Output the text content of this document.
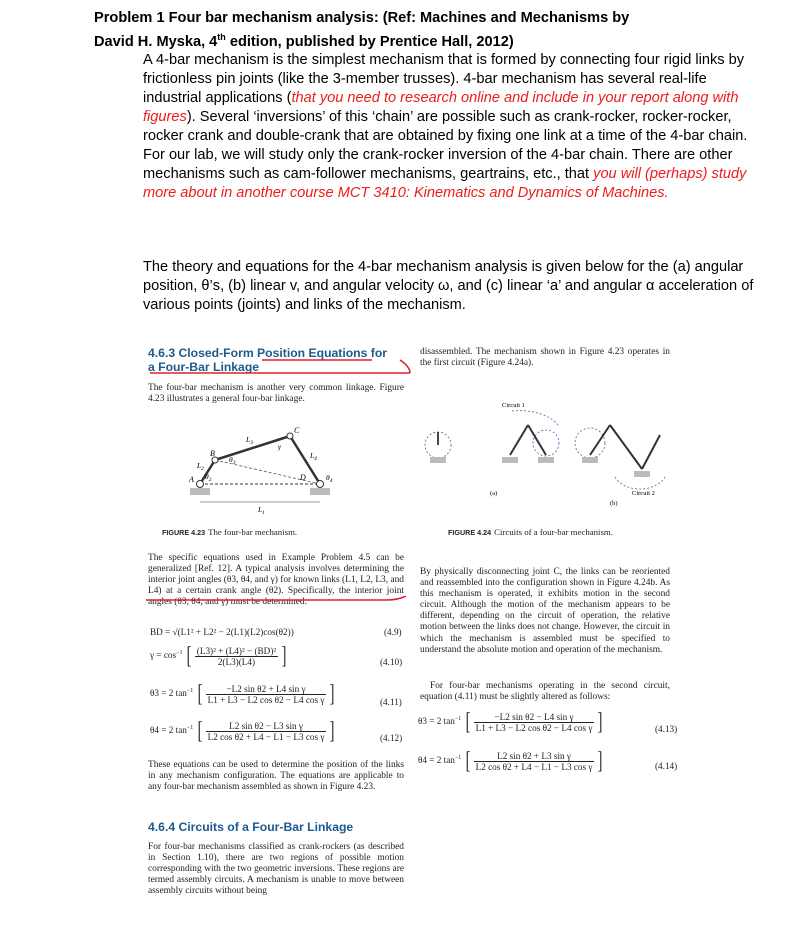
Problem 1 Four bar mechanism analysis: (Ref: Machines and Mechanisms by
David H. Myska, 4th edition, published by Prentice Hall, 2012)

A 4-bar mechanism is the simplest mechanism that is formed by connecting four rigid links by frictionless pin joints (like the 3-member trusses). 4-bar mechanism has several real-life industrial applications (that you need to research online and include in your report along with figures). Several ‘inversions’ of this ‘chain’ are possible such as crank-rocker, rocker-rocker, rocker crank and double-crank that are obtained by fixing one link at a time of the 4-bar chain. For our lab, we will study only the crank-rocker inversion of the 4-bar chain. There are other mechanisms such as cam-follower mechanisms, geartrains, etc., that you will (perhaps) study more about in another course MCT 3410: Kinematics and Dynamics of Machines.

The theory and equations for the 4-bar mechanism analysis is given below for the (a) angular position, θ’s, (b) linear v, and angular velocity ω, and (c) linear ‘a’ and angular α acceleration of various points (joints) and links of the mechanism.
4.6.3 Closed-Form Position Equations for a Four-Bar Linkage
The four-bar mechanism is another very common linkage. Figure 4.23 illustrates a general four-bar linkage.
disassembled. The mechanism shown in Figure 4.23 operates in the first circuit (Figure 4.24a).
B
C
D
A
$L_2$
$L_3$
$L_4$
$L_1$
γ
$\theta_3$
$\theta_2$	$\theta_4$
FIGURE 4.23 The four-bar mechanism.
Circuit 1
(a)
(b)
Circuit 2
FIGURE 4.24 Circuits of a four-bar mechanism.
The specific equations used in Example Problem 4.5 can be generalized [Ref. 12]. A typical analysis involves determining the interior joint angles (θ3, θ4, and γ) for known links (L1, L2, L3, and L4) at a certain crank angle (θ2). Specifically, the interior joint angles (θ3, θ4, and γ) must be determined.
BD = √(L1² + L2² − 2(L1)(L2)cos(θ2))	(4.9)
$\gamma = \cos^{-1}$ [ $\frac{\text{(L3)² + (L4)² − (BD)²}}{2(L3)(L4)}$ ]	(4.10)
θ3 = 2 $\tan^{-1}$ [ $\frac{\text{−L2 sin θ2 + L4 sin γ}}{\text{L1 + L3 − L2 cos θ2 − L4 cos γ}}$ ]	(4.11)
θ4 = 2 $\tan^{-1}$ [ $\frac{\text{L2 sin θ2 − L3 sin γ}}{\text{L2 cos θ2 + L4 − L1 − L3 cos γ}}$ ]	(4.12)
These equations can be used to determine the position of the links in any mechanism configuration. The equations are applicable to any four-bar mechanism assembled as shown in Figure 4.23.
4.6.4 Circuits of a Four-Bar Linkage
For four-bar mechanisms classified as crank-rockers (as described in Section 1.10), there are two regions of possible motion corresponding with the two geometric inversions. These regions are termed assembly circuits. A mechanism is unable to move between assembly circuits without being
By physically disconnecting joint C, the links can be reoriented and reassembled into the configuration shown in Figure 4.24b. As this mechanism is operated, it exhibits motion in the second circuit. Although the motion of the mechanism appears to be different, depending on the circuit of operation, the relative motion between the links does not change. However, the circuit in which the mechanism is assembled must be specified to understand the absolute motion and operation of the mechanism.
For four-bar mechanisms operating in the second circuit, equation (4.11) must be slightly altered as follows:
θ3 = 2 $\tan^{-1}$ [ $\frac{\text{−L2 sin θ2 − L4 sin γ}}{\text{L1 + L3 − L2 cos θ2 − L4 cos γ}}$ ]	(4.13)
θ4 = 2 $\tan^{-1}$ [ $\frac{\text{L2 sin θ2 + L3 sin γ}}{\text{L2 cos θ2 + L4 − L1 − L3 cos γ}}$ ]	(4.14)
